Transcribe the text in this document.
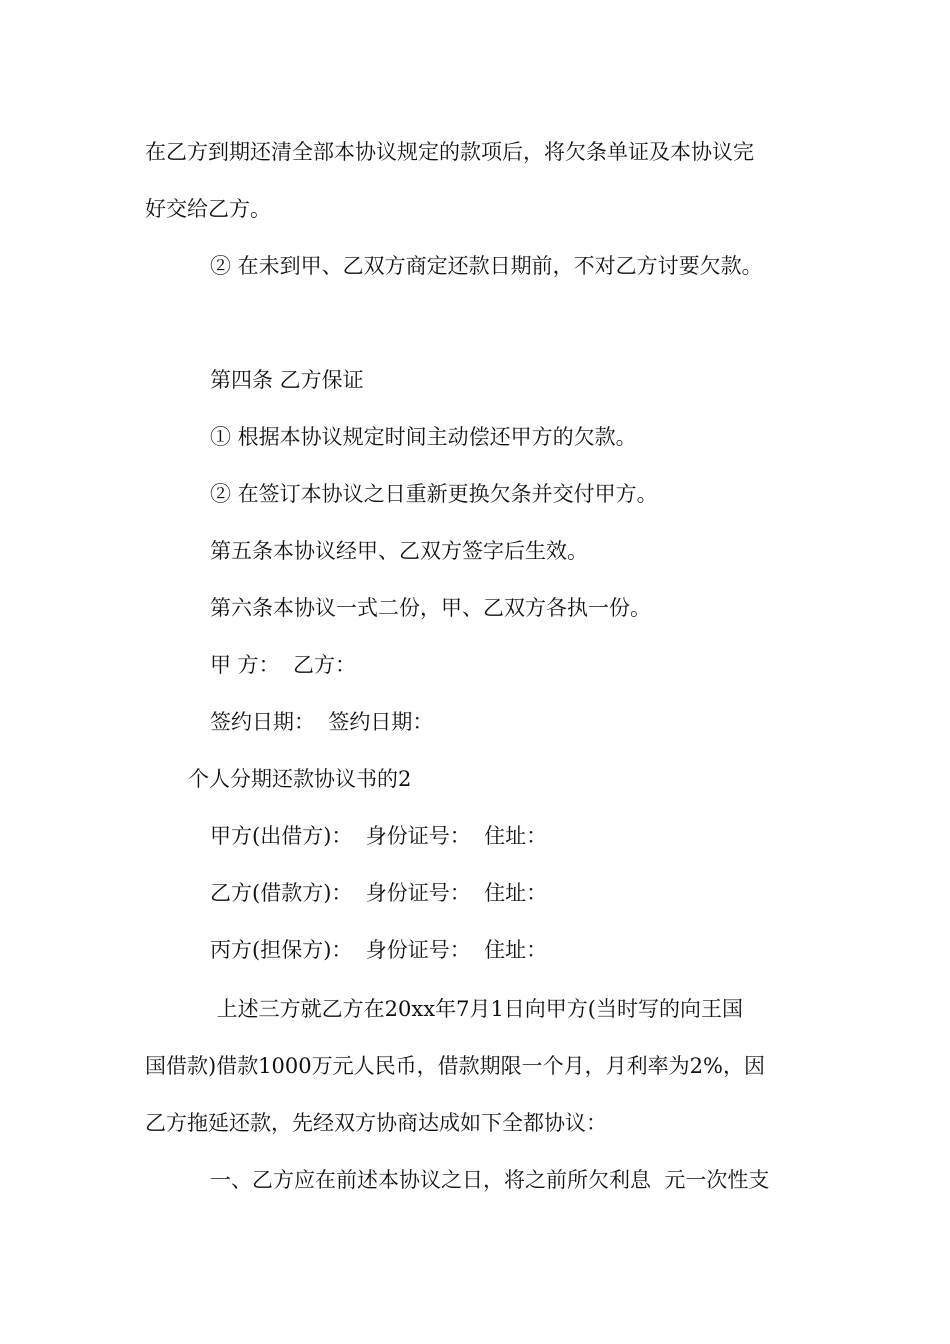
在乙方到期还清全部本协议规定的款项后，将欠条单证及本协议完
好交给乙方。
② 在未到甲、乙双方商定还款日期前，不对乙方讨要欠款。
第四条 乙方保证
① 根据本协议规定时间主动偿还甲方的欠款。
② 在签订本协议之日重新更换欠条并交付甲方。
第五条本协议经甲、乙双方签字后生效。
第六条本协议一式二份，甲、乙双方各执一份。
甲 方：  乙方：
签约日期：  签约日期：
个人分期还款协议书的2
甲方(出借方)：  身份证号：  住址：
乙方(借款方)：  身份证号：  住址：
丙方(担保方)：  身份证号：  住址：
上述三方就乙方在20xx年7月1日向甲方(当时写的向王国
国借款)借款1000万元人民币，借款期限一个月，月利率为2%，因
乙方拖延还款，先经双方协商达成如下全都协议：
一、乙方应在前述本协议之日，将之前所欠利息  元一次性支
